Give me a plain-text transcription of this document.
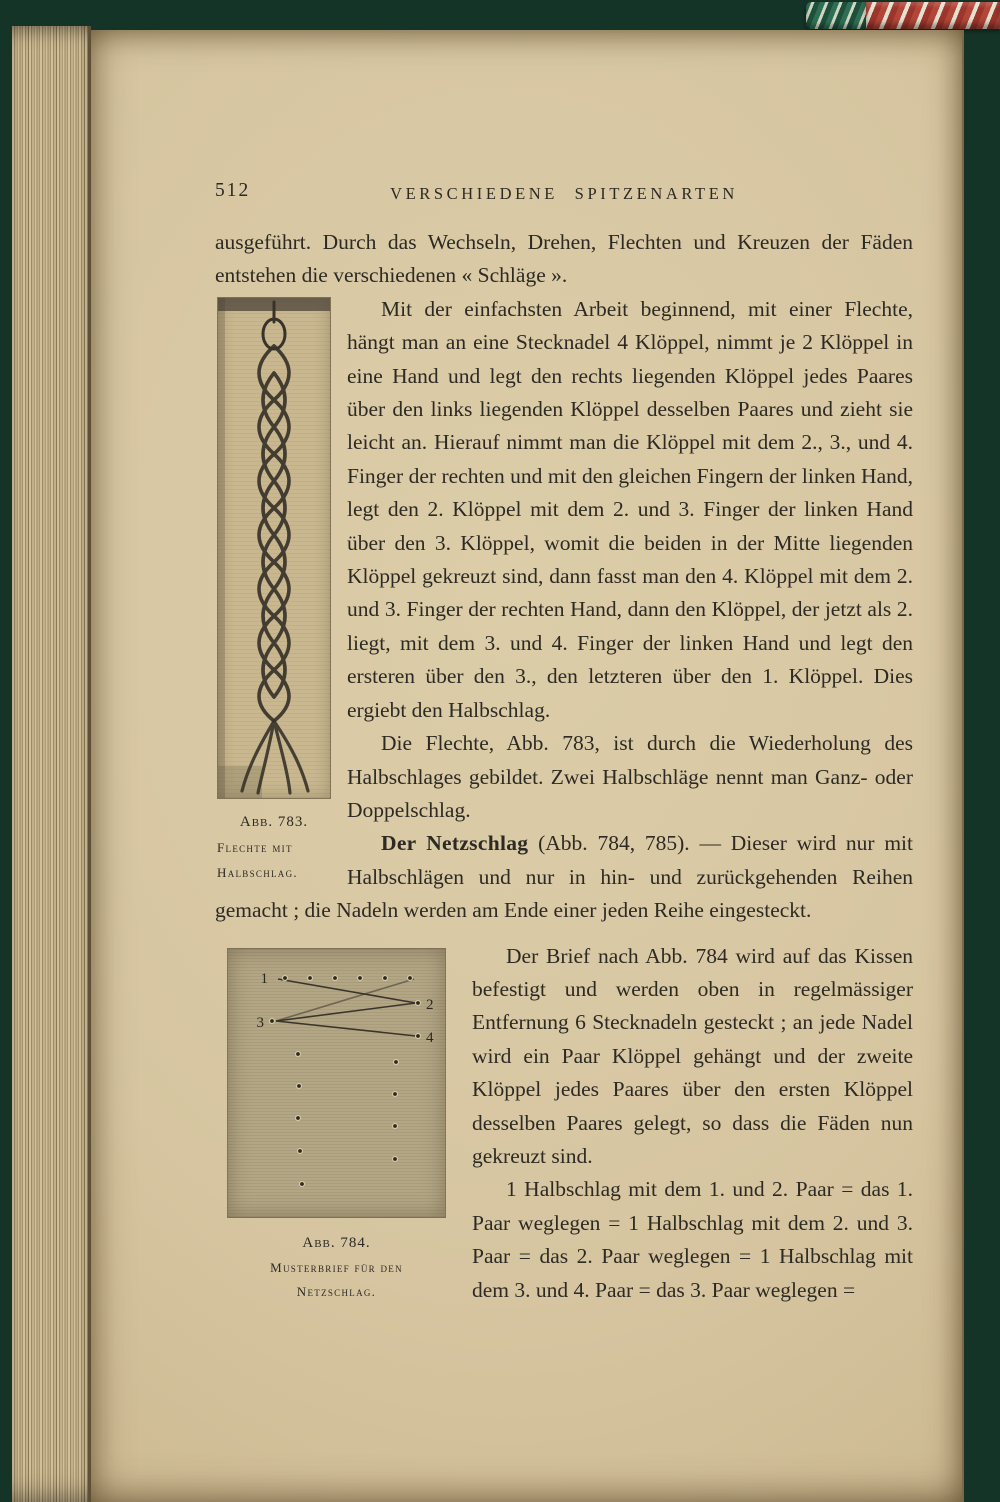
512	VERSCHIEDENE SPITZENARTEN

ausgeführt. Durch das Wechseln, Drehen, Flechten und Kreuzen der Fäden entstehen die verschiedenen « Schläge ».

Abb. 783.
Flechte mit
Halbschlag.

Mit der einfachsten Arbeit beginnend, mit einer Flechte, hängt man an eine Stecknadel 4 Klöppel, nimmt je 2 Klöppel in eine Hand und legt den rechts liegenden Klöppel jedes Paares über den links liegenden Klöppel desselben Paares und zieht sie leicht an. Hierauf nimmt man die Klöppel mit dem 2., 3., und 4. Finger der rechten und mit den gleichen Fingern der linken Hand, legt den 2. Klöppel mit dem 2. und 3. Finger der linken Hand über den 3. Klöppel, womit die beiden in der Mitte liegenden Klöppel gekreuzt sind, dann fasst man den 4. Klöppel mit dem 2. und 3. Finger der rechten Hand, dann den Klöppel, der jetzt als 2. liegt, mit dem 3. und 4. Finger der linken Hand und legt den ersteren über den 3., den letzteren über den 1. Klöppel. Dies ergiebt den Halbschlag.

Die Flechte, Abb. 783, ist durch die Wiederholung des Halbschlages gebildet. Zwei Halbschläge nennt man Ganz- oder Doppelschlag.

Der Netzschlag (Abb. 784, 785). — Dieser wird nur mit Halbschlägen und nur in hin- und zurückgehenden Reihen gemacht ; die Nadeln werden am Ende einer jeden Reihe eingesteckt.

1
2
3
4
Abb. 784.
Musterbrief für den
Netzschlag.

Der Brief nach Abb. 784 wird auf das Kissen befestigt und werden oben in regelmässiger Entfernung 6 Stecknadeln gesteckt ; an jede Nadel wird ein Paar Klöppel gehängt und der zweite Klöppel jedes Paares über den ersten Klöppel desselben Paares gelegt, so dass die Fäden nun gekreuzt sind.

1 Halbschlag mit dem 1. und 2. Paar = das 1. Paar weglegen = 1 Halbschlag mit dem 2. und 3. Paar = das 2. Paar weglegen = 1 Halbschlag mit dem 3. und 4. Paar = das 3. Paar weglegen =
